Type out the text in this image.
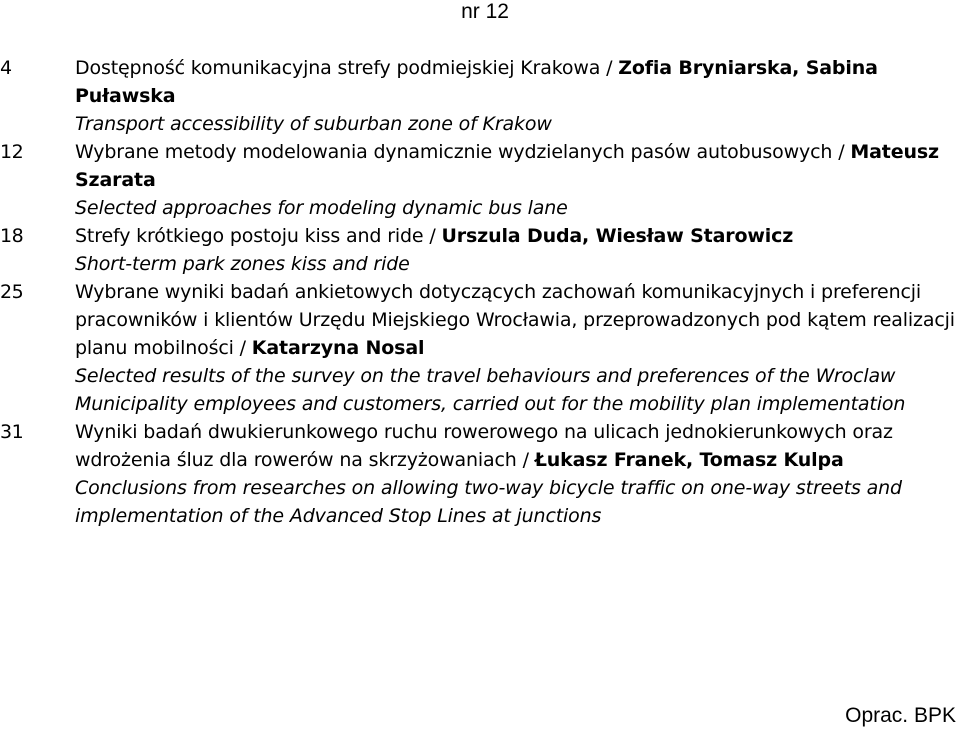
nr 12

4	Dostępność komunikacyjna strefy podmiejskiej Krakowa / Zofia Bryniarska, Sabina Puławska
Transport accessibility of suburban zone of Krakow
12	Wybrane metody modelowania dynamicznie wydzielanych pasów autobusowych / Mateusz Szarata
Selected approaches for modeling dynamic bus lane
18	Strefy krótkiego postoju kiss and ride / Urszula Duda, Wiesław Starowicz
Short-term park zones kiss and ride
25	Wybrane wyniki badań ankietowych dotyczących zachowań komunikacyjnych i preferencji pracowników i klientów Urzędu Miejskiego Wrocławia, przeprowadzonych pod kątem realizacji planu mobilności / Katarzyna Nosal
Selected results of the survey on the travel behaviours and preferences of the Wroclaw Municipality employees and customers, carried out for the mobility plan implementation
31	Wyniki badań dwukierunkowego ruchu rowerowego na ulicach jednokierunkowych oraz wdrożenia śluz dla rowerów na skrzyżowaniach / Łukasz Franek, Tomasz Kulpa
Conclusions from researches on allowing two-way bicycle traffic on one-way streets and implementation of the Advanced Stop Lines at junctions

Oprac. BPK
